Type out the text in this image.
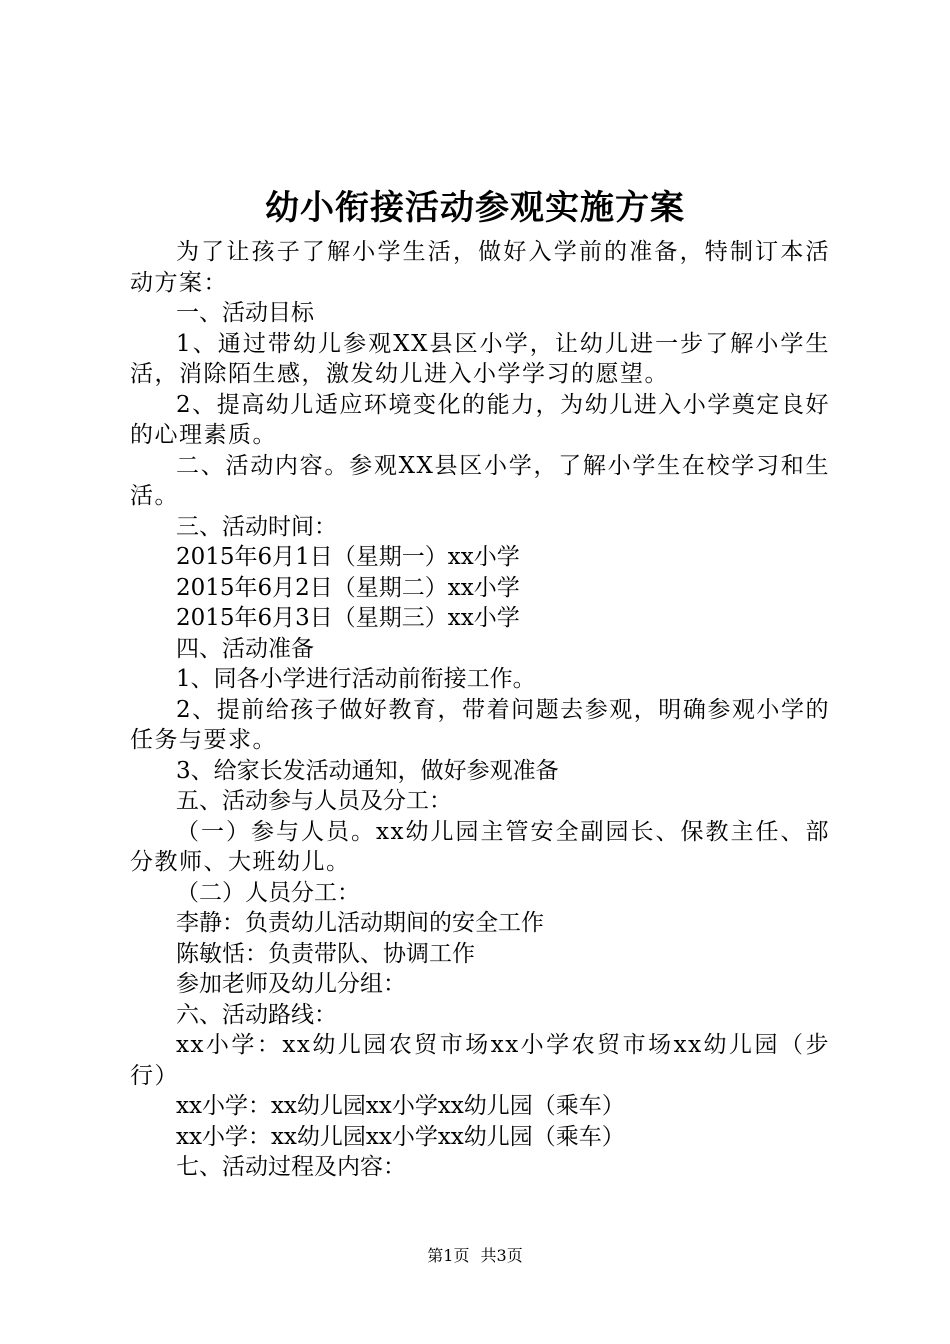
幼小衔接活动参观实施方案

为了让孩子了解小学生活，做好入学前的准备，特制订本活动方案：

一、活动目标

1、通过带幼儿参观XX县区小学，让幼儿进一步了解小学生活，消除陌生感，激发幼儿进入小学学习的愿望。

2、提高幼儿适应环境变化的能力，为幼儿进入小学奠定良好的心理素质。

二、活动内容。参观XX县区小学，了解小学生在校学习和生活。

三、活动时间：

2015年6月1日（星期一）xx小学

2015年6月2日（星期二）xx小学

2015年6月3日（星期三）xx小学

四、活动准备

1、同各小学进行活动前衔接工作。

2、提前给孩子做好教育，带着问题去参观，明确参观小学的任务与要求。

3、给家长发活动通知，做好参观准备

五、活动参与人员及分工：

（一）参与人员。xx幼儿园主管安全副园长、保教主任、部分教师、大班幼儿。

（二）人员分工：

李静：负责幼儿活动期间的安全工作

陈敏恬：负责带队、协调工作

参加老师及幼儿分组：

六、活动路线：

xx小学：xx幼儿园农贸市场xx小学农贸市场xx幼儿园（步行）

xx小学：xx幼儿园xx小学xx幼儿园（乘车）

xx小学：xx幼儿园xx小学xx幼儿园（乘车）

七、活动过程及内容：

第1页 共3页
